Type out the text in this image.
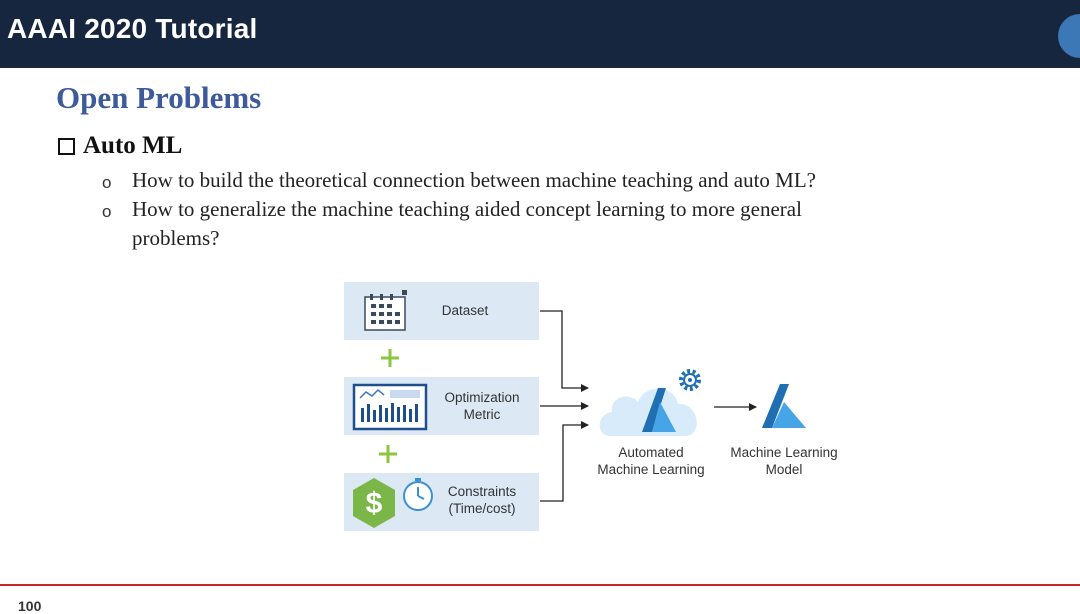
AAAI 2020 Tutorial
Open Problems
Auto ML
o How to build the theoretical connection between machine teaching and auto ML?
o How to generalize the machine teaching aided concept learning to more general
problems?
Dataset
Optimization
Metric
$	Constraints
(Time/cost)
Automated
Machine Learning
Machine Learning
Model
100
